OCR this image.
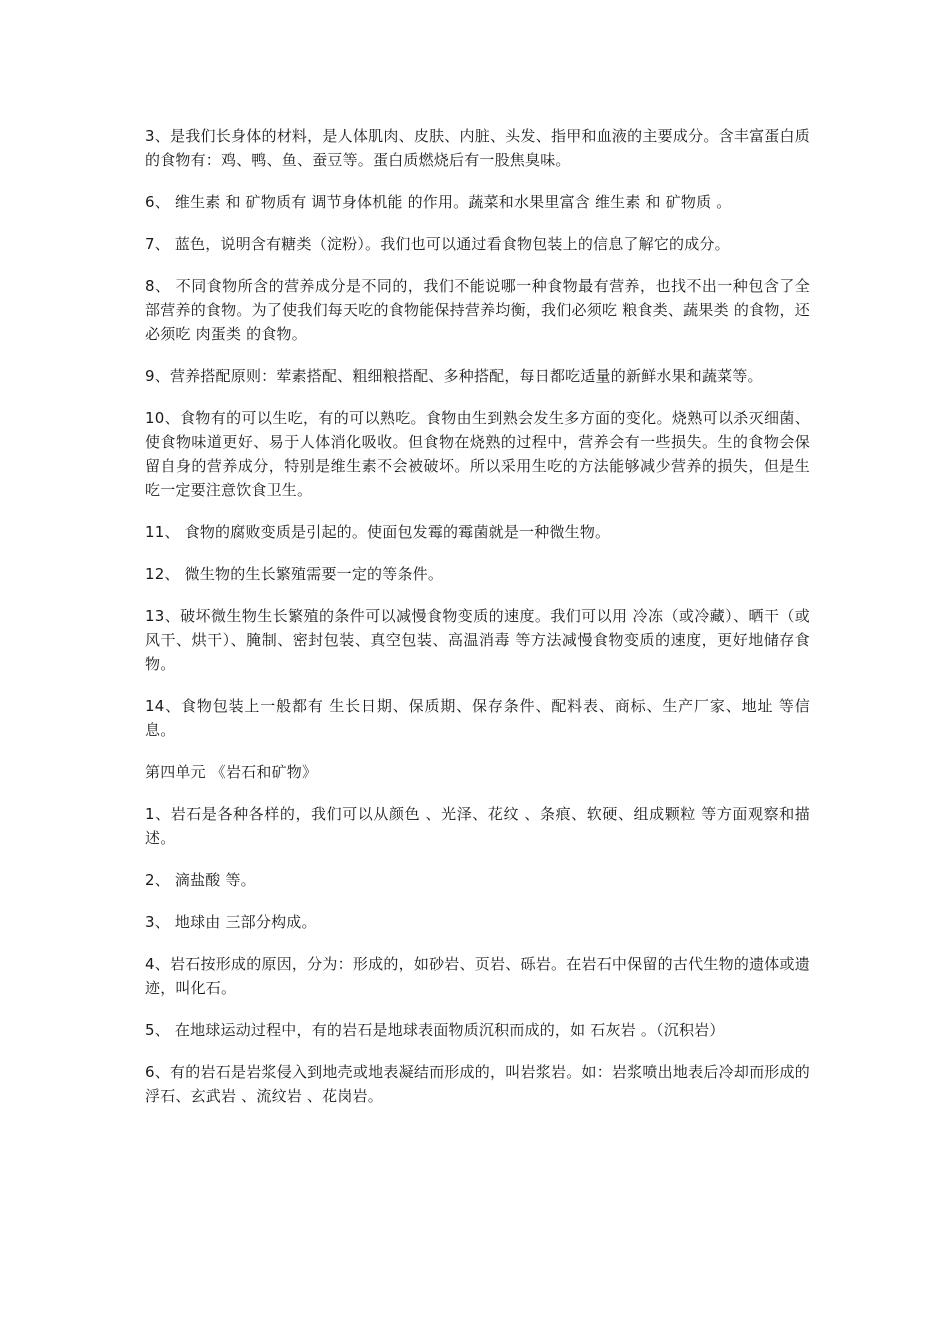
3、是我们长身体的材料，是人体肌肉、皮肤、内脏、头发、指甲和血液的主要成分。含丰富蛋白质的食物有：鸡、鸭、鱼、蚕豆等。蛋白质燃烧后有一股焦臭味。

6、 维生素 和 矿物质有 调节身体机能 的作用。蔬菜和水果里富含 维生素 和 矿物质 。

7、 蓝色，说明含有糖类（淀粉）。我们也可以通过看食物包装上的信息了解它的成分。

8、 不同食物所含的营养成分是不同的，我们不能说哪一种食物最有营养，也找不出一种包含了全部营养的食物。为了使我们每天吃的食物能保持营养均衡，我们必须吃 粮食类、蔬果类 的食物，还必须吃 肉蛋类 的食物。

9、营养搭配原则：荤素搭配、粗细粮搭配、多种搭配，每日都吃适量的新鲜水果和蔬菜等。

10、食物有的可以生吃，有的可以熟吃。食物由生到熟会发生多方面的变化。烧熟可以杀灭细菌、使食物味道更好、易于人体消化吸收。但食物在烧熟的过程中，营养会有一些损失。生的食物会保留自身的营养成分，特别是维生素不会被破坏。所以采用生吃的方法能够减少营养的损失，但是生吃一定要注意饮食卫生。

11、 食物的腐败变质是引起的。使面包发霉的霉菌就是一种微生物。

12、 微生物的生长繁殖需要一定的等条件。

13、破坏微生物生长繁殖的条件可以减慢食物变质的速度。我们可以用 冷冻（或冷藏）、晒干（或风干、烘干）、腌制、密封包装、真空包装、高温消毒 等方法减慢食物变质的速度，更好地储存食物。

14、食物包装上一般都有 生长日期、保质期、保存条件、配料表、商标、生产厂家、地址 等信息。

第四单元 《岩石和矿物》

1、岩石是各种各样的，我们可以从颜色 、光泽、花纹 、条痕、软硬、组成颗粒 等方面观察和描述。

2、 滴盐酸 等。

3、 地球由 三部分构成。

4、岩石按形成的原因，分为：形成的，如砂岩、页岩、砾岩。在岩石中保留的古代生物的遗体或遗迹，叫化石。

5、 在地球运动过程中，有的岩石是地球表面物质沉积而成的，如 石灰岩 。（沉积岩）

6、有的岩石是岩浆侵入到地壳或地表凝结而形成的，叫岩浆岩。如：岩浆喷出地表后冷却而形成的浮石、玄武岩 、流纹岩 、花岗岩。
